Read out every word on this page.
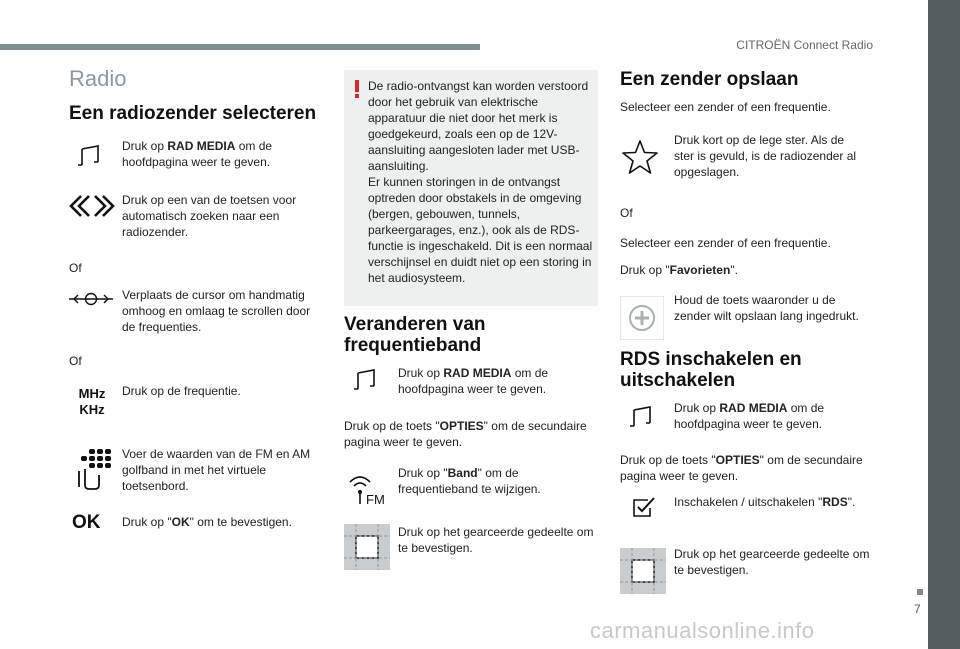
CITROËN Connect Radio
7
carmanualsonline.info
Radio
Een radiozender selecteren
Druk op RAD MEDIA om de hoofdpagina weer te geven.
Druk op een van de toetsen voor automatisch zoeken naar een radiozender.
Of
Verplaats de cursor om handmatig omhoog en omlaag te scrollen door de frequenties.
Of
MHz
KHz
Druk op de frequentie.
Voer de waarden van de FM en AM golfband in met het virtuele toetsenbord.
OK Druk op "OK" om te bevestigen.
De radio-ontvangst kan worden verstoord door het gebruik van elektrische apparatuur die niet door het merk is goedgekeurd, zoals een op de 12V-aansluiting aangesloten lader met USB-aansluiting.
Er kunnen storingen in de ontvangst optreden door obstakels in de omgeving (bergen, gebouwen, tunnels, parkeergarages, enz.), ook als de RDS-functie is ingeschakeld. Dit is een normaal verschijnsel en duidt niet op een storing in het audiosysteem.
Veranderen van frequentieband
Druk op RAD MEDIA om de hoofdpagina weer te geven.
Druk op de toets "OPTIES" om de secundaire pagina weer te geven.
FM
Druk op "Band" om de frequentieband te wijzigen.
Druk op het gearceerde gedeelte om te bevestigen.
Een zender opslaan
Selecteer een zender of een frequentie.
Druk kort op de lege ster. Als de ster is gevuld, is de radiozender al opgeslagen.
Of
Selecteer een zender of een frequentie.
Druk op "Favorieten".
Houd de toets waaronder u de zender wilt opslaan lang ingedrukt.
RDS inschakelen en uitschakelen
Druk op RAD MEDIA om de hoofdpagina weer te geven.
Druk op de toets "OPTIES" om de secundaire pagina weer te geven.
Inschakelen / uitschakelen "RDS".
Druk op het gearceerde gedeelte om te bevestigen.
